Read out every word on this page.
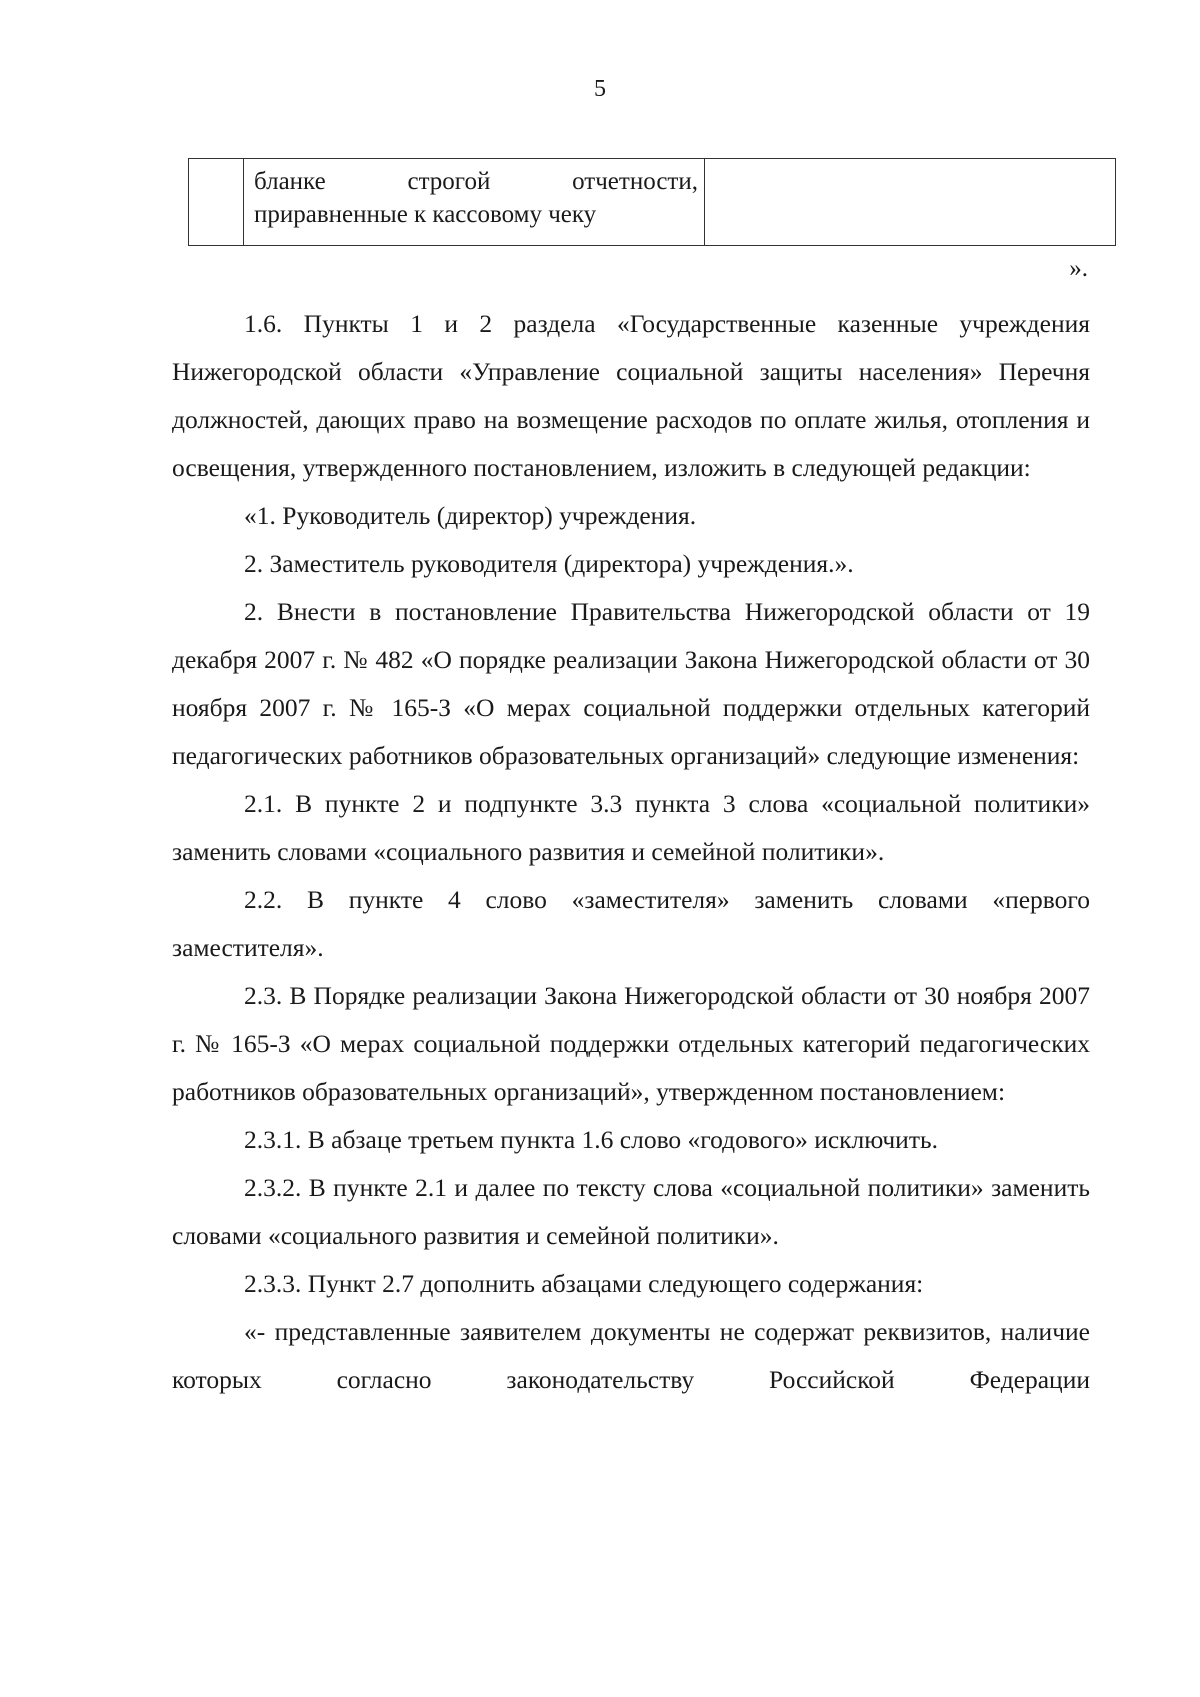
5

бланке	строгой	отчетности,
приравненные к кассовому чеку

».

1.6. Пункты 1 и 2 раздела «Государственные казенные учреждения Нижегородской области «Управление социальной защиты населения» Перечня должностей, дающих право на возмещение расходов по оплате жилья, отопления и освещения, утвержденного постановлением, изложить в следующей редакции:

«1. Руководитель (директор) учреждения.

2. Заместитель руководителя (директора) учреждения.».

2. Внести в постановление Правительства Нижегородской области от 19 декабря 2007 г. № 482 «О порядке реализации Закона Нижегородской области от 30 ноября 2007 г. № 165-З «О мерах социальной поддержки отдельных категорий педагогических работников образовательных организаций» следующие изменения:

2.1. В пункте 2 и подпункте 3.3 пункта 3 слова «социальной политики» заменить словами «социального развития и семейной политики».

2.2. В пункте 4 слово «заместителя» заменить словами «первого заместителя».

2.3. В Порядке реализации Закона Нижегородской области от 30 ноября 2007 г. № 165-З «О мерах социальной поддержки отдельных категорий педагогических работников образовательных организаций», утвержденном постановлением:

2.3.1. В абзаце третьем пункта 1.6 слово «годового» исключить.

2.3.2. В пункте 2.1 и далее по тексту слова «социальной политики» заменить словами «социального развития и семейной политики».

2.3.3. Пункт 2.7 дополнить абзацами следующего содержания:

«- представленные заявителем документы не содержат реквизитов, наличие которых согласно законодательству Российской Федерации
